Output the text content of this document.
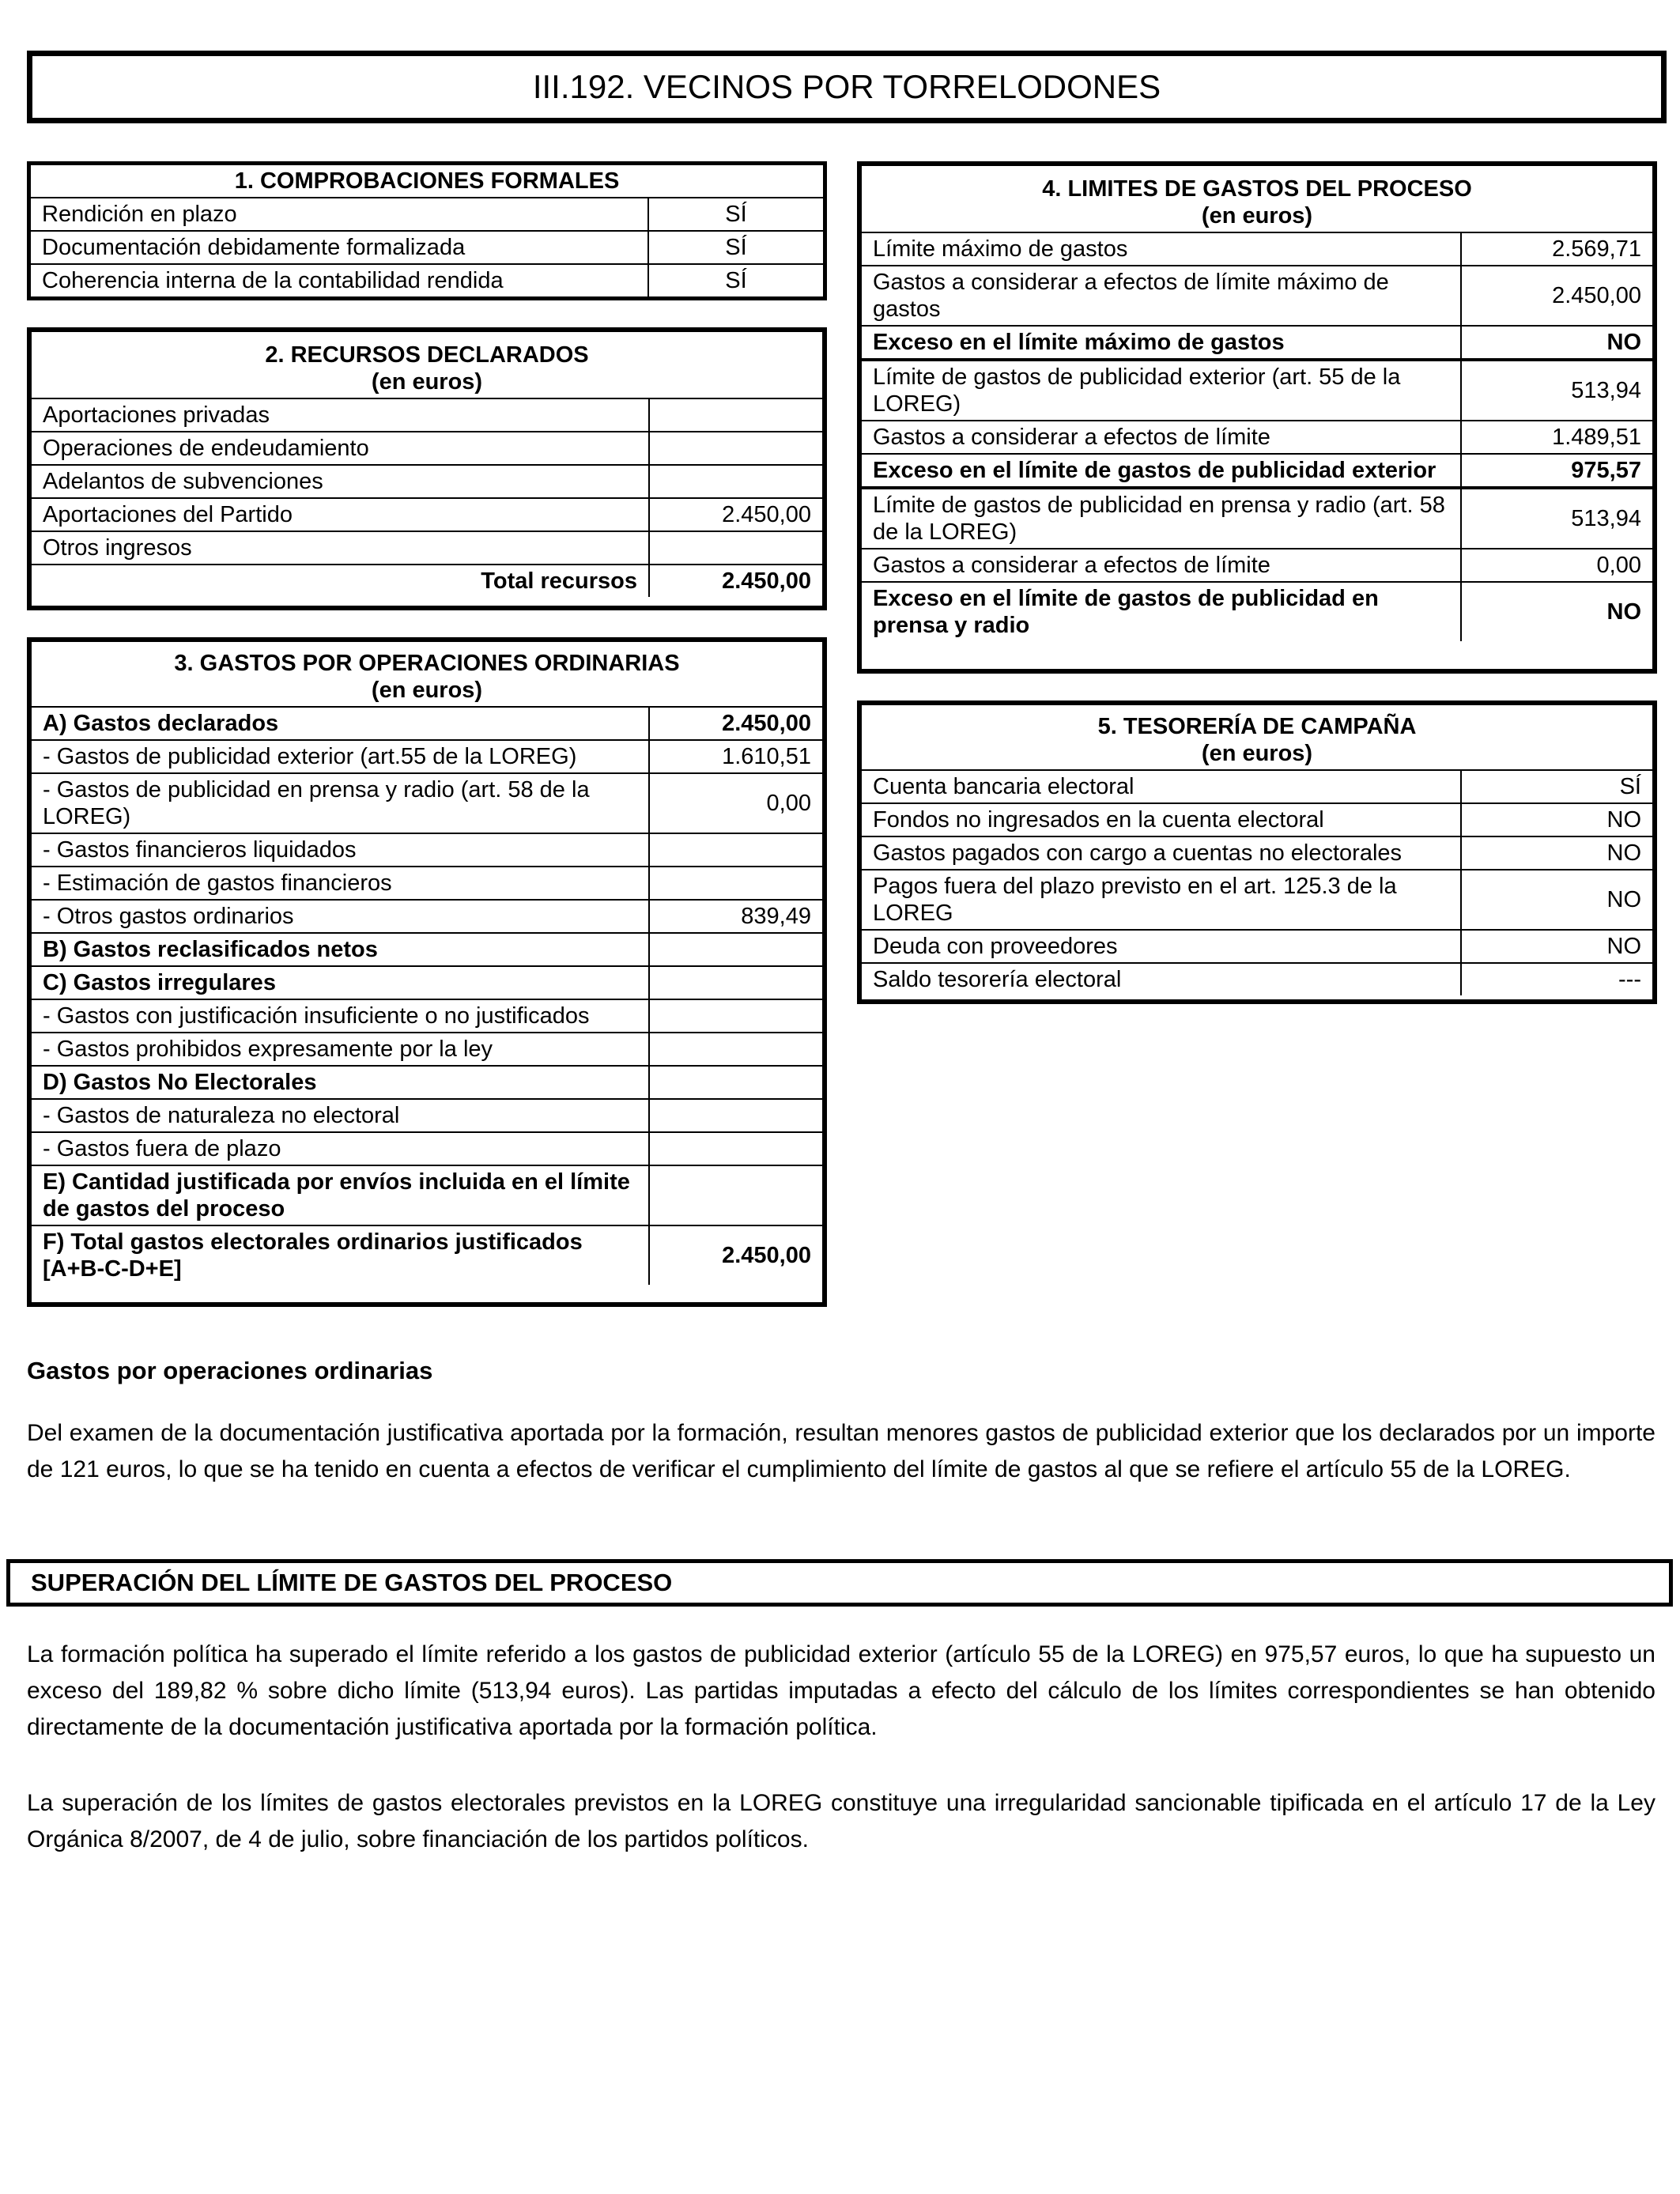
III.192. VECINOS POR TORRELODONES
1. COMPROBACIONES FORMALES	
Rendición en plazo	SÍ
Documentación debidamente formalizada	SÍ
Coherencia interna de la contabilidad rendida	SÍ
2. RECURSOS DECLARADOS
(en euros)	

Aportaciones privadas	
Operaciones de endeudamiento	
Adelantos de subvenciones	
Aportaciones del Partido	2.450,00
Otros ingresos	
Total recursos	2.450,00
3. GASTOS POR OPERACIONES ORDINARIAS
(en euros)	

A) Gastos declarados	2.450,00
- Gastos de publicidad exterior (art.55 de la LOREG)	1.610,51
- Gastos de publicidad en prensa y radio (art. 58 de la LOREG)	0,00
- Gastos financieros liquidados	
- Estimación de gastos financieros	
- Otros gastos ordinarios	839,49
B) Gastos reclasificados netos	
C) Gastos irregulares	
- Gastos con justificación insuficiente o no justificados	
- Gastos prohibidos expresamente por la ley	
D) Gastos No Electorales	
- Gastos de naturaleza no electoral	
- Gastos fuera de plazo	
E) Cantidad justificada por envíos incluida en el límite de gastos del proceso	
F) Total gastos electorales ordinarios justificados [A+B-C-D+E]	2.450,00
4. LIMITES DE GASTOS DEL PROCESO
(en euros)	

Límite máximo de gastos	2.569,71
Gastos a considerar a efectos de límite máximo de gastos	2.450,00
Exceso en el límite máximo de gastos	NO
Límite de gastos de publicidad exterior (art. 55 de la LOREG)	513,94
Gastos a considerar a efectos de límite	1.489,51
Exceso en el límite de gastos de publicidad exterior	975,57
Límite de gastos de publicidad en prensa y radio (art. 58 de la LOREG)	513,94
Gastos a considerar a efectos de límite	0,00
Exceso en el límite de gastos de publicidad en prensa y radio	NO
5. TESORERÍA DE CAMPAÑA
(en euros)	

Cuenta bancaria electoral	SÍ
Fondos no ingresados en la cuenta electoral	NO
Gastos pagados con cargo a cuentas no electorales	NO
Pagos fuera del plazo previsto en el art. 125.3 de la LOREG	NO
Deuda con proveedores	NO
Saldo tesorería electoral	---
Gastos por operaciones ordinarias
Del examen de la documentación justificativa aportada por la formación, resultan menores gastos de publicidad exterior que los declarados por un importe de 121 euros, lo que se ha tenido en cuenta a efectos de verificar el cumplimiento del límite de gastos al que se refiere el artículo 55 de la LOREG.
SUPERACIÓN DEL LÍMITE DE GASTOS DEL PROCESO
La formación política ha superado el límite referido a los gastos de publicidad exterior (artículo 55 de la LOREG) en 975,57 euros, lo que ha supuesto un exceso del 189,82 % sobre dicho límite (513,94 euros). Las partidas imputadas a efecto del cálculo de los límites correspondientes se han obtenido directamente de la documentación justificativa aportada por la formación política.
La superación de los límites de gastos electorales previstos en la LOREG constituye una irregularidad sancionable tipificada en el artículo 17 de la Ley Orgánica 8/2007, de 4 de julio, sobre financiación de los partidos políticos.
